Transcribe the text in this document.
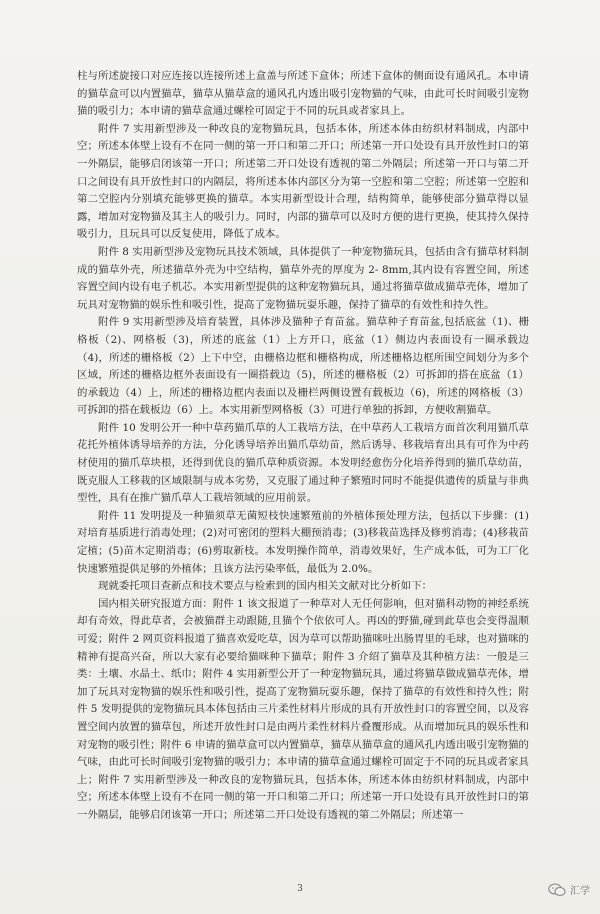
柱与所述旋接口对应连接以连接所述上盒盖与所述下盒体；所述下盒体的侧面设有通风孔。本申请的猫草盒可以内置猫草，猫草从猫草盒的通风孔内透出吸引宠物猫的气味，由此可长时间吸引宠物猫的吸引力；本申请的猫草盒通过螺栓可固定于不同的玩具或者家具上。

附件 7 实用新型涉及一种改良的宠物猫玩具，包括本体，所述本体由纺织材料制成，内部中空；所述本体壁上设有不在同一侧的第一开口和第二开口；所述第一开口处设有具开放性封口的第一外隔层，能够启闭该第一开口；所述第二开口处设有透视的第二外隔层；所述第一开口与第二开口之间设有具开放性封口的内隔层，将所述本体内部区分为第一空腔和第二空腔；所述第一空腔和第二空腔内分别填充能够更换的猫草。本实用新型设计合理，结构简单，能够使部分猫草得以显露，增加对宠物猫及其主人的吸引力。同时，内部的猫草可以及时方便的进行更换，使其持久保持吸引力，且玩具可以反复使用，降低了成本。

附件 8 实用新型涉及宠物玩具技术领域，具体提供了一种宠物猫玩具，包括由含有猫草材料制成的猫草外壳，所述猫草外壳为中空结构，猫草外壳的厚度为 2- 8mm,其内设有容置空间，所述容置空间内设有电子机芯。本实用新型提供的这种宠物猫玩具，通过将猫草做成猫草壳体，增加了玩具对宠物猫的娱乐性和吸引性，提高了宠物猫玩耍乐趣，保持了猫草的有效性和持久性。

附件 9 实用新型涉及培育装置，具体涉及猫种子育苗盆。猫草种子育苗盆,包括底盆（1)、栅格板（2)、网格板（3)，所述的底盆（1）上方开口，底盆（1）侧边内表面设有一圈承载边（4)，所述的栅格板（2）上下中空，由栅格边框和栅格构成，所述栅格边框所围空间划分为多个区域，所述的栅格边框外表面设有一圈搭载边（5)，所述的栅格板（2）可拆卸的搭在底盆（1）的承载边（4）上，所述的栅格边框内表面以及栅栏两侧设置有载板边（6)，所述的网格板（3）可拆卸的搭在载板边（6）上。本实用新型网格板（3）可进行单独的拆卸，方便收割猫草。

附件 10 发明公开一种中草药猫爪草的人工栽培方法，在中草药人工栽培方面首次利用猫爪草花托外植体诱导培养的方法，分化诱导培养出猫爪草幼苗，然后诱导、移栽培育出具有可作为中药材使用的猫爪草块根，还得到优良的猫爪草种质资源。本发明经愈伤分化培养得到的猫爪草幼苗，既克服人工移栽的区域限制与成本劣势，又克服了通过种子繁殖时同时不能提供遗传的质量与非典型性，具有在推广猫爪草人工栽培领域的应用前景。

附件 11 发明提及一种猫须草无菌短枝快速繁殖前的外植体预处理方法，包括以下步骤：(1)对培育基质进行消毒处理；(2)对可密闭的塑料大棚预消毒；(3)移栽苗选择及修剪消毒；(4)移栽苗定植；(5)苗木定期消毒；(6)剪取新枝。本发明操作简单，消毒效果好，生产成本低，可为工厂化快速繁殖提供足够的外植体；且该方法污染率低，最低为 2.0%。

现就委托项目查新点和技术要点与检索到的国内相关文献对比分析如下：

国内相关研究报道方面：附件 1 该文报道了一种草对人无任何影响，但对猫科动物的神经系统却有奇效，得此草者，会被猫群主动跟随,且猫个个依依可人。再凶的野猫,碰到此草也会变得温顺可爱；附件 2 网页资料报道了猫喜欢爱吃草，因为草可以帮助猫咪吐出肠胃里的毛球，也对猫咪的精神有提高兴奋，所以大家有必要给猫咪种下猫草；附件 3 介绍了猫草及其种植方法：一般是三类：土壤、水晶土、纸巾；附件 4 实用新型公开了一种宠物猫玩具，通过将猫草做成猫草壳体，增加了玩具对宠物猫的娱乐性和吸引性，提高了宠物猫玩耍乐趣，保持了猫草的有效性和持久性；附件 5 发明提供的宠物猫玩具本体包括由三片柔性材料片形成的具有开放性封口的容置空间，以及容置空间内放置的猫草包，所述开放性封口是由两片柔性材料片叠覆形成。从而增加玩具的娱乐性和对宠物的吸引性；附件 6 申请的猫草盒可以内置猫草，猫草从猫草盒的通风孔内透出吸引宠物猫的气味，由此可长时间吸引宠物猫的吸引力；本申请的猫草盒通过螺栓可固定于不同的玩具或者家具上；附件 7 实用新型涉及一种改良的宠物猫玩具，包括本体，所述本体由纺织材料制成，内部中空；所述本体壁上设有不在同一侧的第一开口和第二开口；所述第一开口处设有具开放性封口的第一外隔层，能够启闭该第一开口；所述第二开口处设有透视的第二外隔层；所述第一

3	汇学
